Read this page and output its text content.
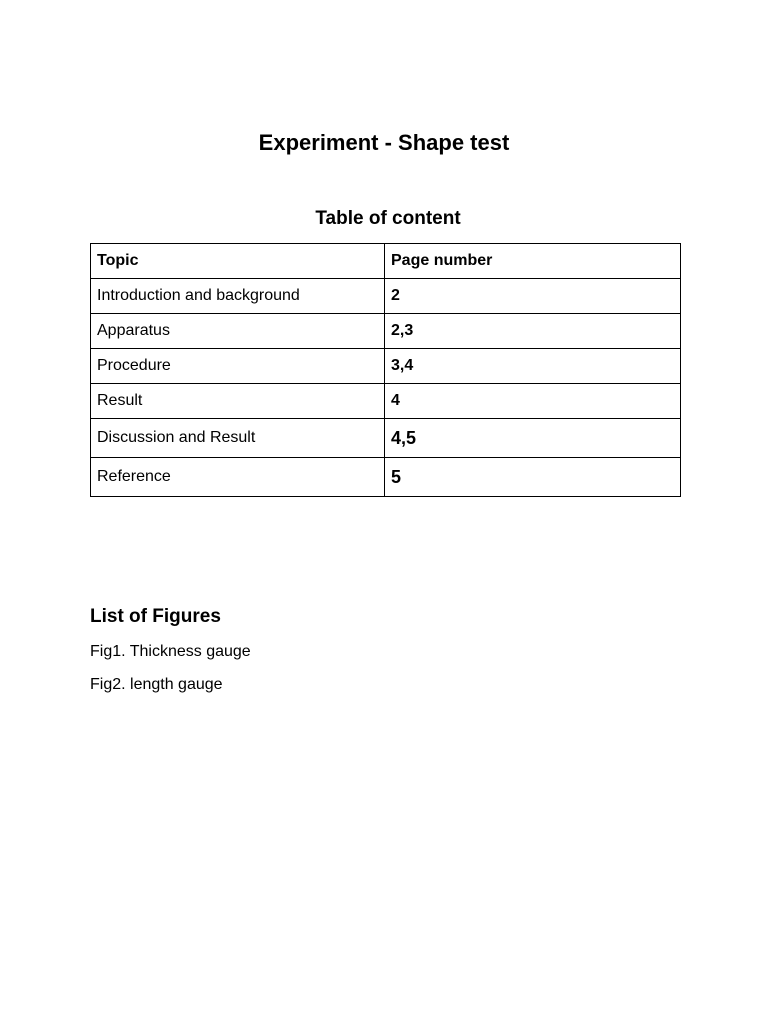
Experiment - Shape test
Table of content
Topic	Page number
Introduction and background	2
Apparatus	2,3
Procedure	3,4
Result	4
Discussion and Result	4,5
Reference	5
List of Figures

Fig1. Thickness gauge

Fig2. length gauge
